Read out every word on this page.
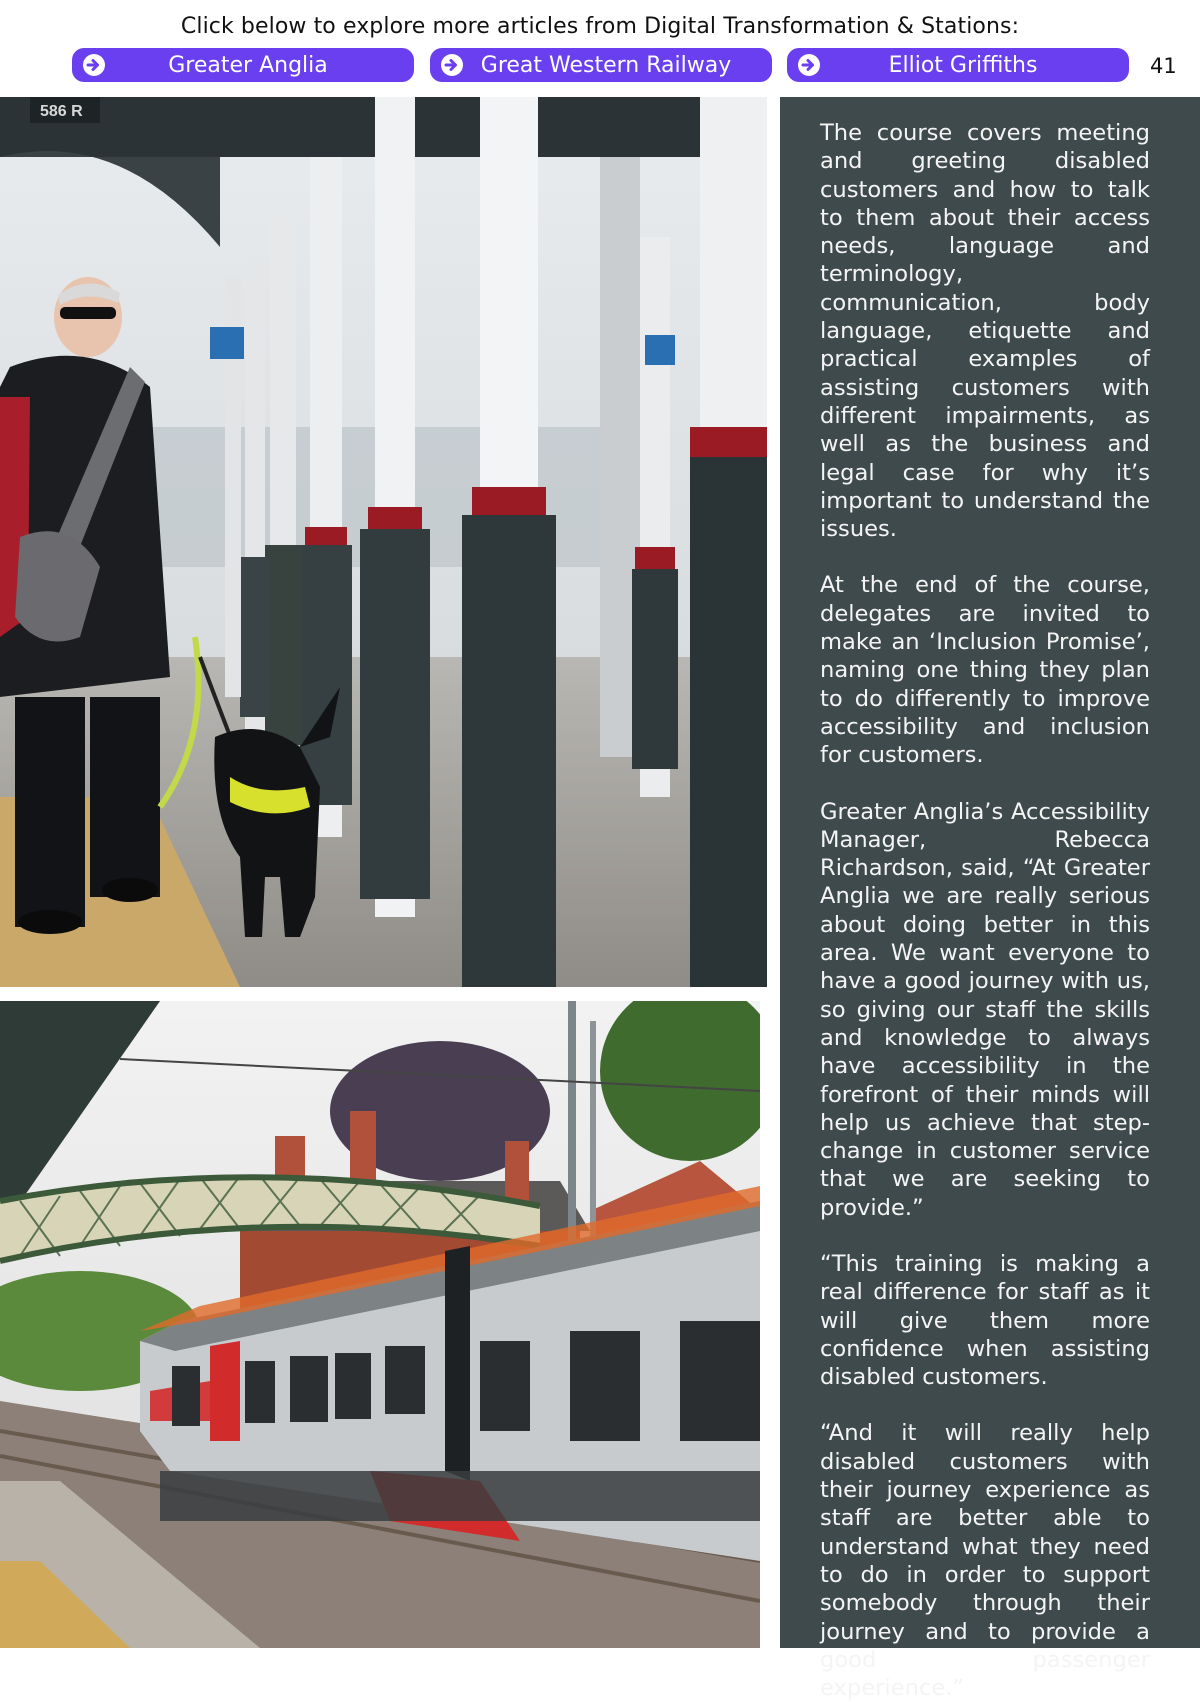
Click below to explore more articles from Digital Transformation & Stations:
Greater Anglia	Great Western Railway	Elliot Griffiths	41
586 R

The course covers meeting and greeting disabled customers and how to talk to them about their access needs, language and terminology, communication, body language, etiquette and practical examples of assisting customers with different impairments, as well as the business and legal case for why it’s important to understand the issues.

At the end of the course, delegates are invited to make an ‘Inclusion Promise’, naming one thing they plan to do differently to improve accessibility and inclusion for customers.

Greater Anglia’s Accessibility Manager, Rebecca Richardson, said, “At Greater Anglia we are really serious about doing better in this area. We want everyone to have a good journey with us, so giving our staff the skills and knowledge to always have accessibility in the forefront of their minds will help us achieve that step-change in customer service that we are seeking to provide.”

“This training is making a real difference for staff as it will give them more confidence when assisting disabled customers.

“And it will really help disabled customers with their journey experience as staff are better able to understand what they need to do in order to support somebody through their journey and to provide a good passenger experience.”
